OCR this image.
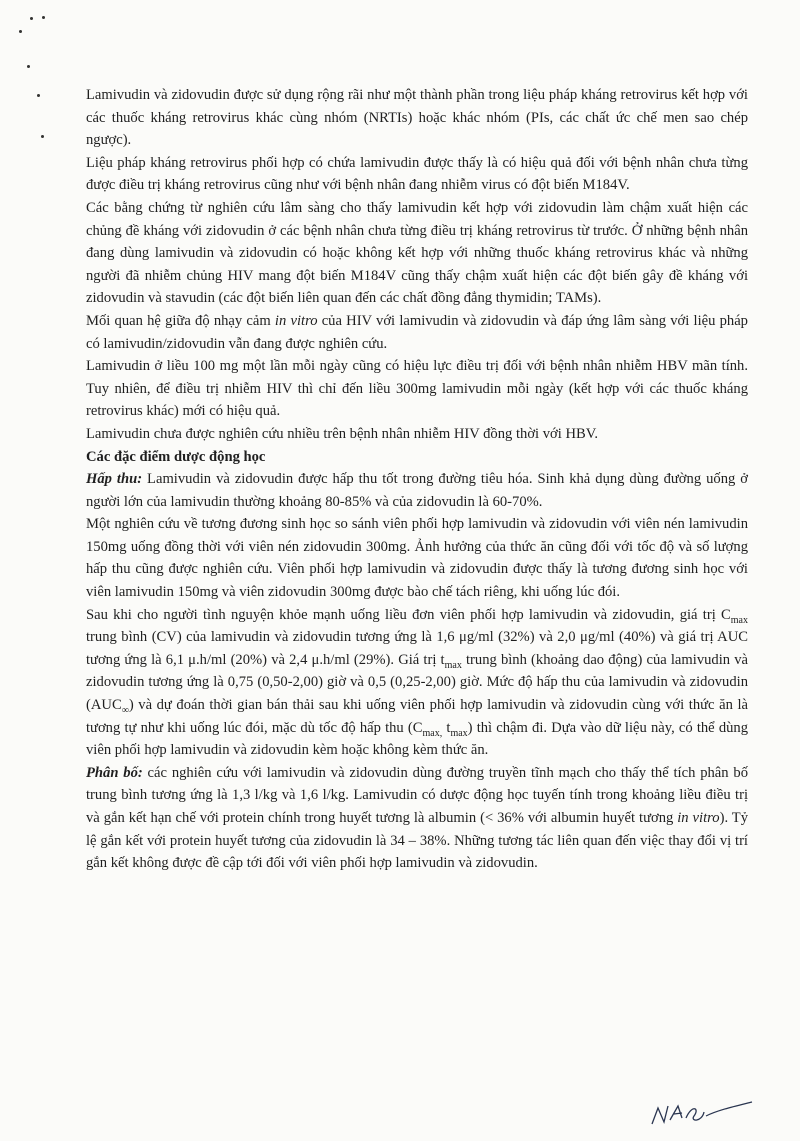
Lamivudin và zidovudin được sử dụng rộng rãi như một thành phần trong liệu pháp kháng retrovirus kết hợp với các thuốc kháng retrovirus khác cùng nhóm (NRTIs) hoặc khác nhóm (PIs, các chất ức chế men sao chép ngược).

Liệu pháp kháng retrovirus phối hợp có chứa lamivudin được thấy là có hiệu quả đối với bệnh nhân chưa từng được điều trị kháng retrovirus cũng như với bệnh nhân đang nhiễm virus có đột biến M184V.

Các bằng chứng từ nghiên cứu lâm sàng cho thấy lamivudin kết hợp với zidovudin làm chậm xuất hiện các chủng đề kháng với zidovudin ở các bệnh nhân chưa từng điều trị kháng retrovirus từ trước. Ở những bệnh nhân đang dùng lamivudin và zidovudin có hoặc không kết hợp với những thuốc kháng retrovirus khác và những người đã nhiễm chủng HIV mang đột biến M184V cũng thấy chậm xuất hiện các đột biến gây đề kháng với zidovudin và stavudin (các đột biến liên quan đến các chất đồng đẳng thymidin; TAMs).

Mối quan hệ giữa độ nhạy cảm in vitro của HIV với lamivudin và zidovudin và đáp ứng lâm sàng với liệu pháp có lamivudin/zidovudin vẫn đang được nghiên cứu.

Lamivudin ở liều 100 mg một lần mỗi ngày cũng có hiệu lực điều trị đối với bệnh nhân nhiễm HBV mãn tính. Tuy nhiên, để điều trị nhiễm HIV thì chỉ đến liều 300mg lamivudin mỗi ngày (kết hợp với các thuốc kháng retrovirus khác) mới có hiệu quả.

Lamivudin chưa được nghiên cứu nhiều trên bệnh nhân nhiễm HIV đồng thời với HBV.

Các đặc điểm dược động học

Hấp thu: Lamivudin và zidovudin được hấp thu tốt trong đường tiêu hóa. Sinh khả dụng dùng đường uống ở người lớn của lamivudin thường khoảng 80-85% và của zidovudin là 60-70%.

Một nghiên cứu về tương đương sinh học so sánh viên phối hợp lamivudin và zidovudin với viên nén lamivudin 150mg uống đồng thời với viên nén zidovudin 300mg. Ảnh hưởng của thức ăn cũng đối với tốc độ và số lượng hấp thu cũng được nghiên cứu. Viên phối hợp lamivudin và zidovudin được thấy là tương đương sinh học với viên lamivudin 150mg và viên zidovudin 300mg được bào chế tách riêng, khi uống lúc đói.

Sau khi cho người tình nguyện khỏe mạnh uống liều đơn viên phối hợp lamivudin và zidovudin, giá trị $C_{max}$ trung bình (CV) của lamivudin và zidovudin tương ứng là 1,6 μg/ml (32%) và 2,0 μg/ml (40%) và giá trị AUC tương ứng là 6,1 μ.h/ml (20%) và 2,4 μ.h/ml (29%). Giá trị $t_{max}$ trung bình (khoảng dao động) của lamivudin và zidovudin tương ứng là 0,75 (0,50-2,00) giờ và 0,5 (0,25-2,00) giờ. Mức độ hấp thu của lamivudin và zidovudin $(AUC_\infty)$ và dự đoán thời gian bán thải sau khi uống viên phối hợp lamivudin và zidovudin cùng với thức ăn là tương tự như khi uống lúc đói, mặc dù tốc độ hấp thu ($C_{max,}$ $t_{max}$) thì chậm đi. Dựa vào dữ liệu này, có thể dùng viên phối hợp lamivudin và zidovudin kèm hoặc không kèm thức ăn.

Phân bố: các nghiên cứu với lamivudin và zidovudin dùng đường truyền tĩnh mạch cho thấy thể tích phân bố trung bình tương ứng là 1,3 l/kg và 1,6 l/kg. Lamivudin có dược động học tuyến tính trong khoảng liều điều trị và gắn kết hạn chế với protein chính trong huyết tương là albumin (< 36% với albumin huyết tương in vitro). Tỷ lệ gắn kết với protein huyết tương của zidovudin là 34 – 38%. Những tương tác liên quan đến việc thay đổi vị trí gắn kết không được đề cập tới đối với viên phối hợp lamivudin và zidovudin.
